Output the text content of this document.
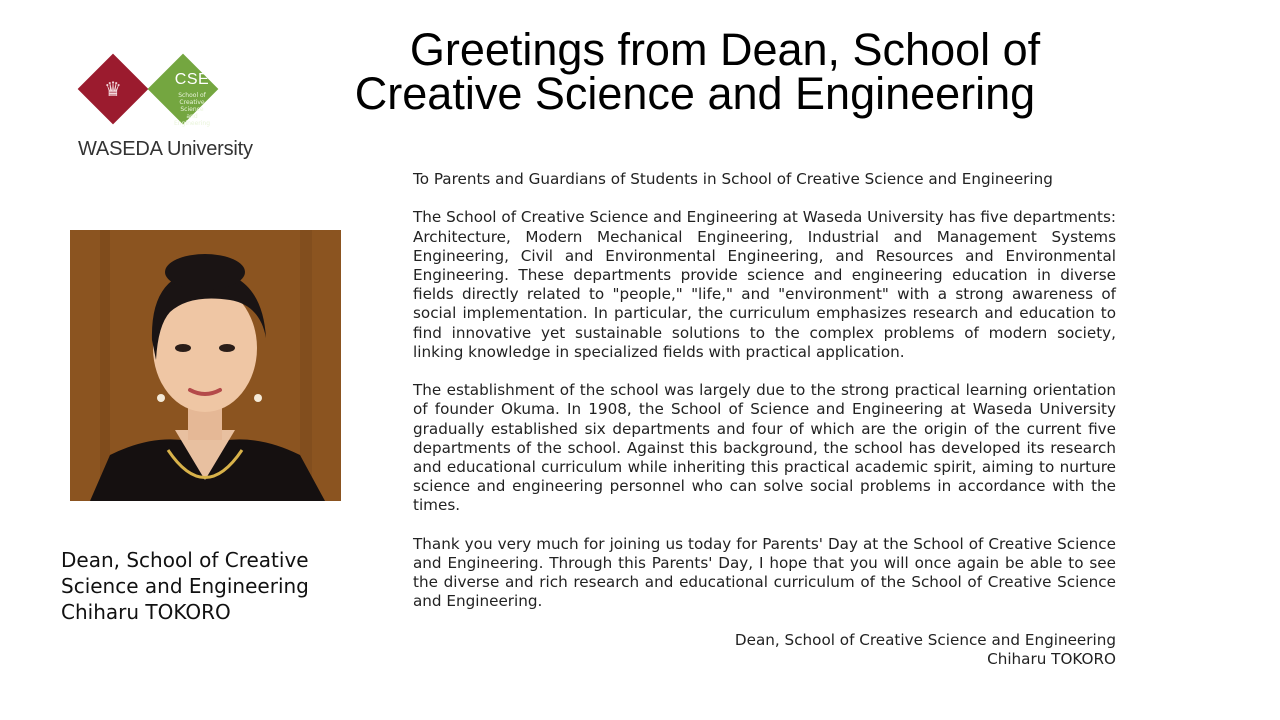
♛	CSE
School of Creative Science and Engineering
WASEDA University
Greetings from Dean, School of
Creative Science and Engineering
Dean, School of Creative
Science and Engineering
Chiharu TOKORO

To Parents and Guardians of Students in School of Creative Science and Engineering

The School of Creative Science and Engineering at Waseda University has five departments: Architecture, Modern Mechanical Engineering, Industrial and Management Systems Engineering, Civil and Environmental Engineering, and Resources and Environmental Engineering. These departments provide science and engineering education in diverse fields directly related to "people," "life," and "environment" with a strong awareness of social implementation. In particular, the curriculum emphasizes research and education to find innovative yet sustainable solutions to the complex problems of modern society, linking knowledge in specialized fields with practical application.

The establishment of the school was largely due to the strong practical learning orientation of founder Okuma. In 1908, the School of Science and Engineering at Waseda University gradually established six departments and four of which are the origin of the current five departments of the school. Against this background, the school has developed its research and educational curriculum while inheriting this practical academic spirit, aiming to nurture science and engineering personnel who can solve social problems in accordance with the times.

Thank you very much for joining us today for Parents' Day at the School of Creative Science and Engineering. Through this Parents' Day, I hope that you will once again be able to see the diverse and rich research and educational curriculum of the School of Creative Science and Engineering.

Dean, School of Creative Science and Engineering
Chiharu TOKORO
